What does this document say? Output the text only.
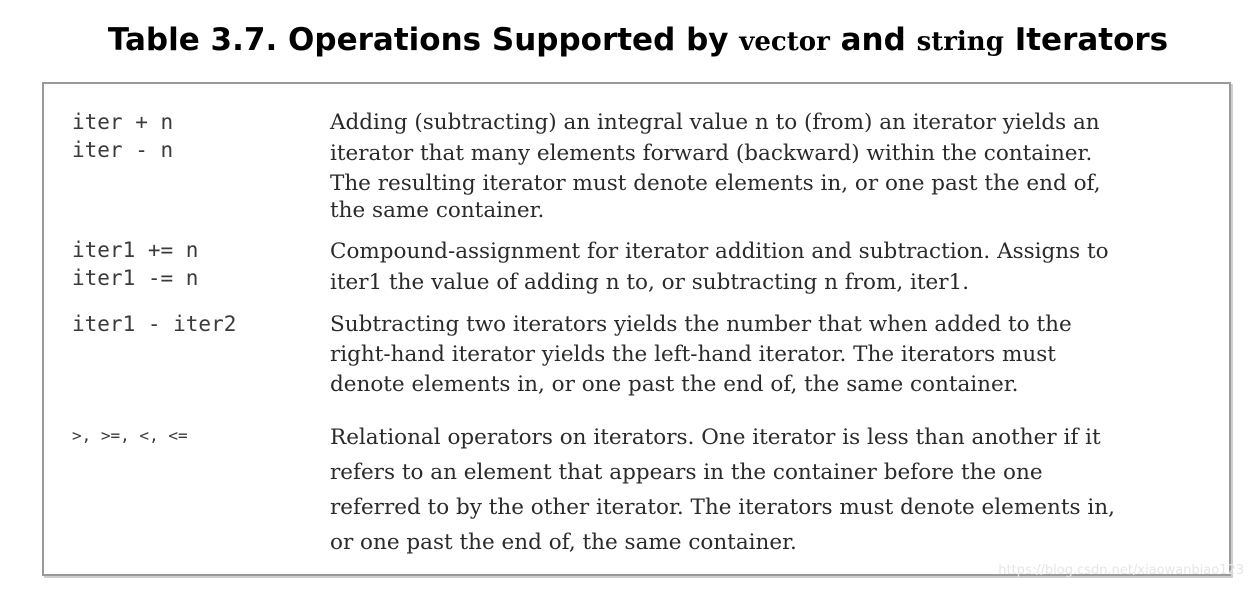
Table 3.7. Operations Supported by vector and string Iterators
iter + n
iter - n
Adding (subtracting) an integral value n to (from) an iterator yields an
iterator that many elements forward (backward) within the container.
The resulting iterator must denote elements in, or one past the end of,
the same container.
iter1 += n
iter1 -= n
Compound-assignment for iterator addition and subtraction. Assigns to
iter1 the value of adding n to, or subtracting n from, iter1.
iter1 - iter2	Subtracting two iterators yields the number that when added to the
right-hand iterator yields the left-hand iterator. The iterators must
denote elements in, or one past the end of, the same container.
>, >=, <, <=	Relational operators on iterators. One iterator is less than another if it
refers to an element that appears in the container before the one
referred to by the other iterator. The iterators must denote elements in,
or one past the end of, the same container.
https://blog.csdn.net/xiaowanbiao123
